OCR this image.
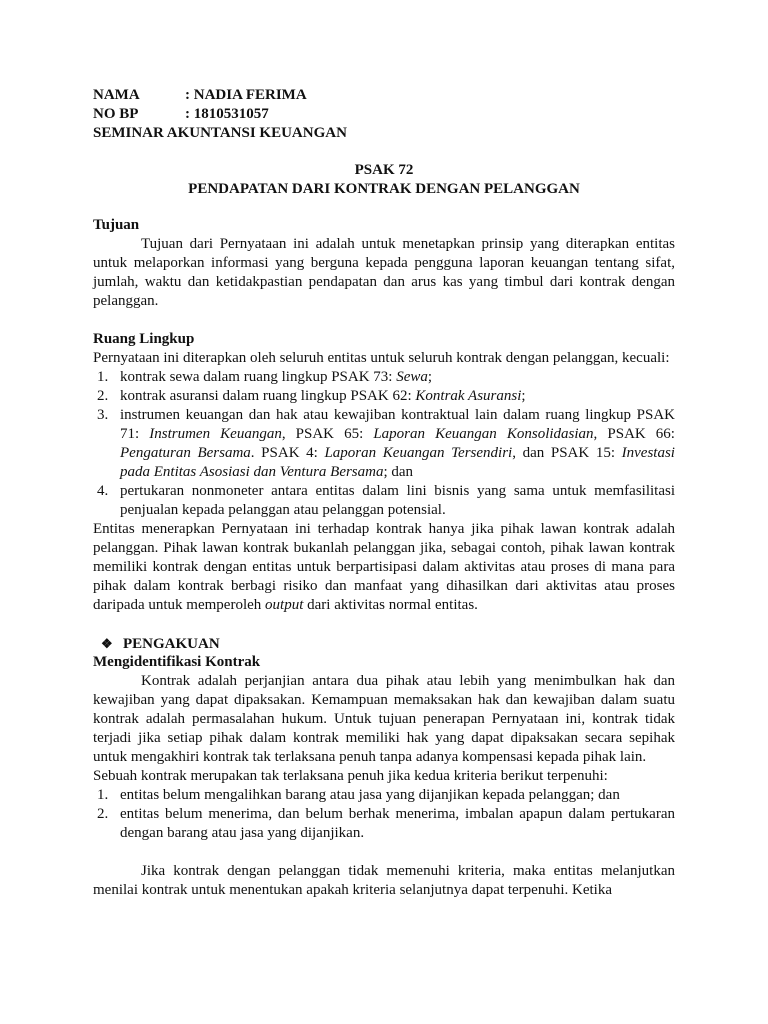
NAMA	: NADIA FERIMA
NO BP	: 1810531057
SEMINAR AKUNTANSI KEUANGAN
PSAK 72
PENDAPATAN DARI KONTRAK DENGAN PELANGGAN
Tujuan

Tujuan dari Pernyataan ini adalah untuk menetapkan prinsip yang diterapkan entitas untuk melaporkan informasi yang berguna kepada pengguna laporan keuangan tentang sifat, jumlah, waktu dan ketidakpastian pendapatan dan arus kas yang timbul dari kontrak dengan pelanggan.

Ruang Lingkup

Pernyataan ini diterapkan oleh seluruh entitas untuk seluruh kontrak dengan pelanggan, kecuali:

1. kontrak sewa dalam ruang lingkup PSAK 73: Sewa;
2. kontrak asuransi dalam ruang lingkup PSAK 62: Kontrak Asuransi;
3. instrumen keuangan dan hak atau kewajiban kontraktual lain dalam ruang lingkup PSAK 71: Instrumen Keuangan, PSAK 65: Laporan Keuangan Konsolidasian, PSAK 66: Pengaturan Bersama. PSAK 4: Laporan Keuangan Tersendiri, dan PSAK 15: Investasi pada Entitas Asosiasi dan Ventura Bersama; dan
4. pertukaran nonmoneter antara entitas dalam lini bisnis yang sama untuk memfasilitasi penjualan kepada pelanggan atau pelanggan potensial.

Entitas menerapkan Pernyataan ini terhadap kontrak hanya jika pihak lawan kontrak adalah pelanggan. Pihak lawan kontrak bukanlah pelanggan jika, sebagai contoh, pihak lawan kontrak memiliki kontrak dengan entitas untuk berpartisipasi dalam aktivitas atau proses di mana para pihak dalam kontrak berbagi risiko dan manfaat yang dihasilkan dari aktivitas atau proses daripada untuk memperoleh output dari aktivitas normal entitas.

❖ PENGAKUAN
Mengidentifikasi Kontrak

Kontrak adalah perjanjian antara dua pihak atau lebih yang menimbulkan hak dan kewajiban yang dapat dipaksakan. Kemampuan memaksakan hak dan kewajiban dalam suatu kontrak adalah permasalahan hukum. Untuk tujuan penerapan Pernyataan ini, kontrak tidak terjadi jika setiap pihak dalam kontrak memiliki hak yang dapat dipaksakan secara sepihak untuk mengakhiri kontrak tak terlaksana penuh tanpa adanya kompensasi kepada pihak lain.

Sebuah kontrak merupakan tak terlaksana penuh jika kedua kriteria berikut terpenuhi:

1. entitas belum mengalihkan barang atau jasa yang dijanjikan kepada pelanggan; dan
2. entitas belum menerima, dan belum berhak menerima, imbalan apapun dalam pertukaran dengan barang atau jasa yang dijanjikan.

Jika kontrak dengan pelanggan tidak memenuhi kriteria, maka entitas melanjutkan menilai kontrak untuk menentukan apakah kriteria selanjutnya dapat terpenuhi. Ketika
